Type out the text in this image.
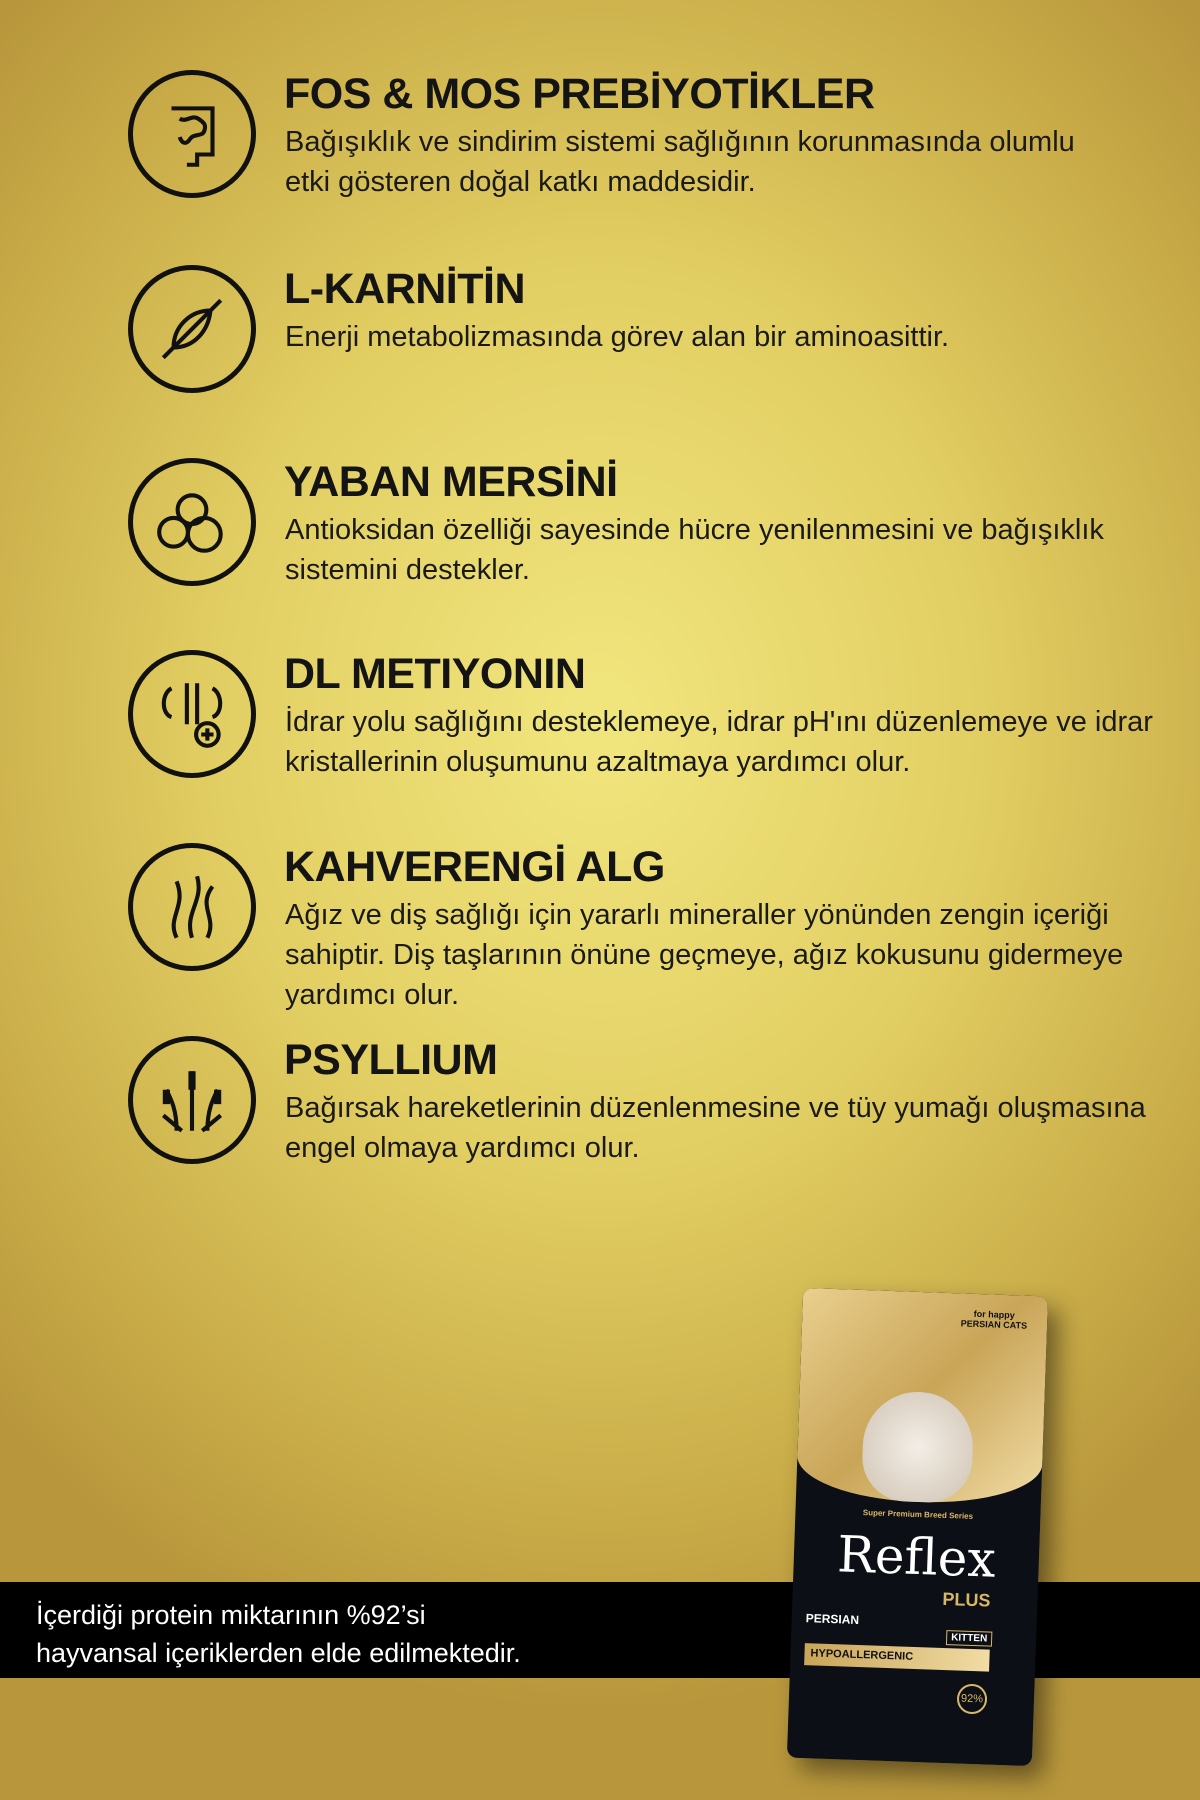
FOS & MOS PREBİYOTİKLER
Bağışıklık ve sindirim sistemi sağlığının korunmasında olumlu etki gösteren doğal katkı maddesidir.
L-KARNİTİN
Enerji metabolizmasında görev alan bir aminoasittir.
YABAN MERSİNİ
Antioksidan özelliği sayesinde hücre yenilenmesini ve bağışıklık sistemini destekler.
DL METIYONIN
İdrar yolu sağlığını desteklemeye, idrar pH'ını düzenlemeye ve idrar kristallerinin oluşumunu azaltmaya yardımcı olur.
KAHVERENGİ ALG
Ağız ve diş sağlığı için yararlı mineraller yönünden zengin içeriği sahiptir. Diş taşlarının önüne geçmeye, ağız kokusunu gidermeye yardımcı olur.
PSYLLIUM
Bağırsak hareketlerinin düzenlenmesine ve tüy yumağı oluşmasına engel olmaya yardımcı olur.
İçerdiği protein miktarının %92’si
hayvansal içeriklerden elde edilmektedir.
for happy
PERSIAN CATS
Super Premium Breed Series
Reflex
PLUS
PERSIAN
KITTEN
HYPOALLERGENIC
92%
